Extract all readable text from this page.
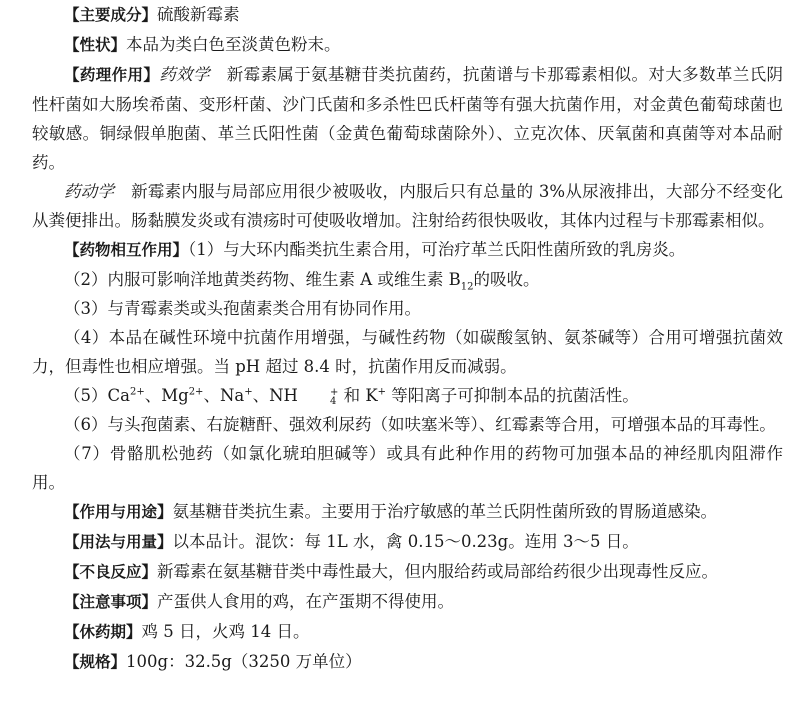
【主要成分】硫酸新霉素

【性状】本品为类白色至淡黄色粉末。

【药理作用】药效学　 新霉素属于氨基糖苷类抗菌药，抗菌谱与卡那霉素相似。对大多数革兰氏阴性杆菌如大肠埃希菌、变形杆菌、沙门氏菌和多杀性巴氏杆菌等有强大抗菌作用，对金黄色葡萄球菌也较敏感。铜绿假单胞菌、革兰氏阳性菌（金黄色葡萄球菌除外）、立克次体、厌氧菌和真菌等对本品耐药。

药动学　 新霉素内服与局部应用很少被吸收，内服后只有总量的 3%从尿液排出，大部分不经变化从粪便排出。肠黏膜发炎或有溃疡时可使吸收增加。注射给药很快吸收，其体内过程与卡那霉素相似。

【药物相互作用】（1）与大环内酯类抗生素合用，可治疗革兰氏阳性菌所致的乳房炎。

（2）内服可影响洋地黄类药物、维生素 A 或维生素 $B_{12}$的吸收。

（3）与青霉素类或头孢菌素类合用有协同作用。

（4）本品在碱性环境中抗菌作用增强，与碱性药物（如碳酸氢钠、氨茶碱等）合用可增强抗菌效力，但毒性也相应增强。当 pH 超过 8.4 时，抗菌作用反而减弱。

$(5)Ca^{2+}$、$Mg^{2+}$、Na+、NH	+
4 和 K+ 等阳离子可抑制本品的抗菌活性。

（6）与头孢菌素、右旋糖酐、强效利尿药（如呋塞米等）、红霉素等合用，可增强本品的耳毒性。

（7）骨骼肌松弛药（如氯化琥珀胆碱等）或具有此种作用的药物可加强本品的神经肌肉阻滞作用。

【作用与用途】氨基糖苷类抗生素。主要用于治疗敏感的革兰氏阴性菌所致的胃肠道感染。

【用法与用量】以本品计。混饮：每 1L 水，禽 0.15～0.23g。连用 3～5 日。

【不良反应】新霉素在氨基糖苷类中毒性最大，但内服给药或局部给药很少出现毒性反应。

【注意事项】产蛋供人食用的鸡，在产蛋期不得使用。

【休药期】鸡 5 日，火鸡 14 日。

【规格】100g：32.5g（3250 万单位）
